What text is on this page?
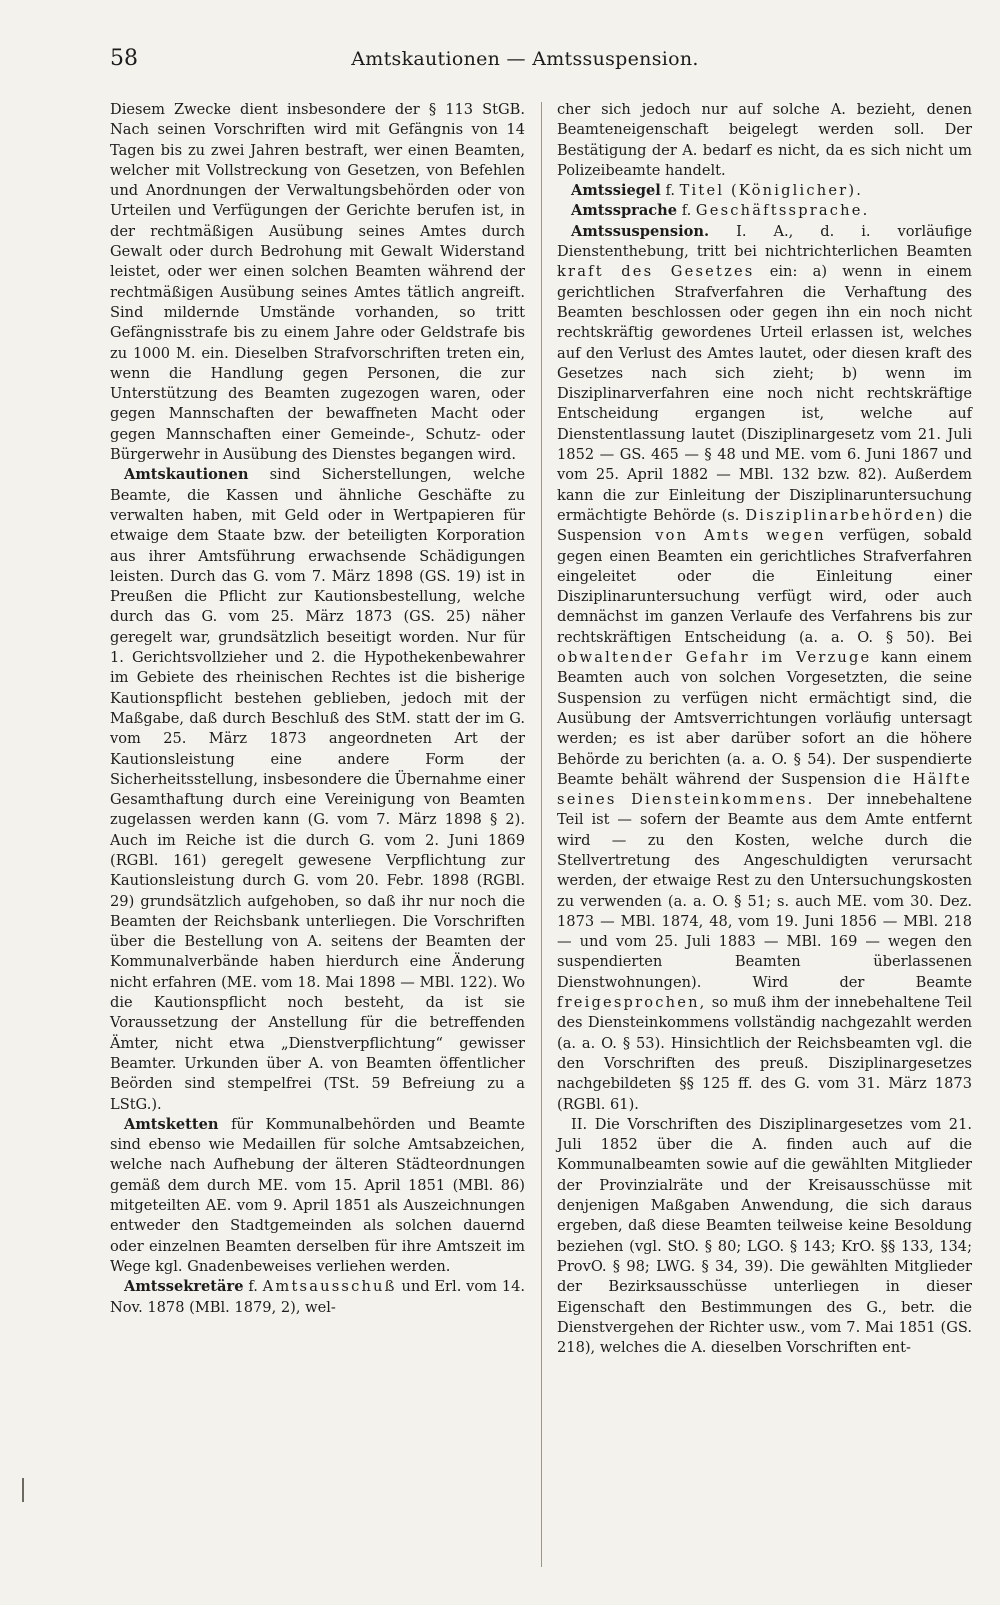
58	Amtskautionen — Amtssuspension.

Diesem Zwecke dient insbesondere der § 113 StGB. Nach seinen Vorschriften wird mit Gefängnis von 14 Tagen bis zu zwei Jahren bestraft, wer einen Beamten, welcher mit Vollstreckung von Gesetzen, von Befehlen und Anordnungen der Verwaltungsbehörden oder von Urteilen und Verfügungen der Gerichte berufen ist, in der rechtmäßigen Ausübung seines Amtes durch Gewalt oder durch Bedrohung mit Gewalt Widerstand leistet, oder wer einen solchen Beamten während der rechtmäßigen Ausübung seines Amtes tätlich angreift. Sind mildernde Umstände vorhanden, so tritt Gefängnisstrafe bis zu einem Jahre oder Geldstrafe bis zu 1000 M. ein. Dieselben Strafvorschriften treten ein, wenn die Handlung gegen Personen, die zur Unterstützung des Beamten zugezogen waren, oder gegen Mannschaften der bewaffneten Macht oder gegen Mannschaften einer Gemeinde-, Schutz- oder Bürgerwehr in Ausübung des Dienstes begangen wird.

Amtskautionen sind Sicherstellungen, welche Beamte, die Kassen und ähnliche Geschäfte zu verwalten haben, mit Geld oder in Wertpapieren für etwaige dem Staate bzw. der beteiligten Korporation aus ihrer Amtsführung erwachsende Schädigungen leisten. Durch das G. vom 7. März 1898 (GS. 19) ist in Preußen die Pflicht zur Kautionsbestellung, welche durch das G. vom 25. März 1873 (GS. 25) näher geregelt war, grundsätzlich beseitigt worden. Nur für 1. Gerichtsvollzieher und 2. die Hypothekenbewahrer im Gebiete des rheinischen Rechtes ist die bisherige Kautionspflicht bestehen geblieben, jedoch mit der Maßgabe, daß durch Beschluß des StM. statt der im G. vom 25. März 1873 angeordneten Art der Kautionsleistung eine andere Form der Sicherheitsstellung, insbesondere die Übernahme einer Gesamthaftung durch eine Vereinigung von Beamten zugelassen werden kann (G. vom 7. März 1898 § 2). Auch im Reiche ist die durch G. vom 2. Juni 1869 (RGBl. 161) geregelt gewesene Verpflichtung zur Kautionsleistung durch G. vom 20. Febr. 1898 (RGBl. 29) grundsätzlich aufgehoben, so daß ihr nur noch die Beamten der Reichsbank unterliegen. Die Vorschriften über die Bestellung von A. seitens der Beamten der Kommunalverbände haben hierdurch eine Änderung nicht erfahren (ME. vom 18. Mai 1898 — MBl. 122). Wo die Kautionspflicht noch besteht, da ist sie Voraussetzung der Anstellung für die betreffenden Ämter, nicht etwa „Dienstverpflichtung“ gewisser Beamter. Urkunden über A. von Beamten öffentlicher Beörden sind stempelfrei (TSt. 59 Befreiung zu a LStG.).

Amtsketten für Kommunalbehörden und Beamte sind ebenso wie Medaillen für solche Amtsabzeichen, welche nach Aufhebung der älteren Städteordnungen gemäß dem durch ME. vom 15. April 1851 (MBl. 86) mitgeteilten AE. vom 9. April 1851 als Auszeichnungen entweder den Stadtgemeinden als solchen dauernd oder einzelnen Beamten derselben für ihre Amtszeit im Wege kgl. Gnadenbeweises verliehen werden.

Amtssekretäre f. Amtsausschuß und Erl. vom 14. Nov. 1878 (MBl. 1879, 2), wel-

cher sich jedoch nur auf solche A. bezieht, denen Beamteneigenschaft beigelegt werden soll. Der Bestätigung der A. bedarf es nicht, da es sich nicht um Polizeibeamte handelt.

Amtssiegel f. Titel (Königlicher).

Amtssprache f. Geschäftssprache.

Amtssuspension. I. A., d. i. vorläufige Dienstenthebung, tritt bei nichtrichterlichen Beamten kraft des Gesetzes ein: a) wenn in einem gerichtlichen Strafverfahren die Verhaftung des Beamten beschlossen oder gegen ihn ein noch nicht rechtskräftig gewordenes Urteil erlassen ist, welches auf den Verlust des Amtes lautet, oder diesen kraft des Gesetzes nach sich zieht; b) wenn im Disziplinarverfahren eine noch nicht rechtskräftige Entscheidung ergangen ist, welche auf Dienstentlassung lautet (Disziplinargesetz vom 21. Juli 1852 — GS. 465 — § 48 und ME. vom 6. Juni 1867 und vom 25. April 1882 — MBl. 132 bzw. 82). Außerdem kann die zur Einleitung der Disziplinaruntersuchung ermächtigte Behörde (s. Disziplinarbehörden) die Suspension von Amts wegen verfügen, sobald gegen einen Beamten ein gerichtliches Strafverfahren eingeleitet oder die Einleitung einer Disziplinaruntersuchung verfügt wird, oder auch demnächst im ganzen Verlaufe des Verfahrens bis zur rechtskräftigen Entscheidung (a. a. O. § 50). Bei obwaltender Gefahr im Verzuge kann einem Beamten auch von solchen Vorgesetzten, die seine Suspension zu verfügen nicht ermächtigt sind, die Ausübung der Amtsverrichtungen vorläufig untersagt werden; es ist aber darüber sofort an die höhere Behörde zu berichten (a. a. O. § 54). Der suspendierte Beamte behält während der Suspension die Hälfte seines Diensteinkommens. Der innebehaltene Teil ist — sofern der Beamte aus dem Amte entfernt wird — zu den Kosten, welche durch die Stellvertretung des Angeschuldigten verursacht werden, der etwaige Rest zu den Untersuchungskosten zu verwenden (a. a. O. § 51; s. auch ME. vom 30. Dez. 1873 — MBl. 1874, 48, vom 19. Juni 1856 — MBl. 218 — und vom 25. Juli 1883 — MBl. 169 — wegen den suspendierten Beamten überlassenen Dienstwohnungen). Wird der Beamte freigesprochen, so muß ihm der innebehaltene Teil des Diensteinkommens vollständig nachgezahlt werden (a. a. O. § 53). Hinsichtlich der Reichsbeamten vgl. die den Vorschriften des preuß. Disziplinargesetzes nachgebildeten §§ 125 ff. des G. vom 31. März 1873 (RGBl. 61).

II. Die Vorschriften des Disziplinargesetzes vom 21. Juli 1852 über die A. finden auch auf die Kommunalbeamten sowie auf die gewählten Mitglieder der Provinzialräte und der Kreisausschüsse mit denjenigen Maßgaben Anwendung, die sich daraus ergeben, daß diese Beamten teilweise keine Besoldung beziehen (vgl. StO. § 80; LGO. § 143; KrO. §§ 133, 134; ProvO. § 98; LWG. § 34, 39). Die gewählten Mitglieder der Bezirksausschüsse unterliegen in dieser Eigenschaft den Bestimmungen des G., betr. die Dienstvergehen der Richter usw., vom 7. Mai 1851 (GS. 218), welches die A. dieselben Vorschriften ent-
